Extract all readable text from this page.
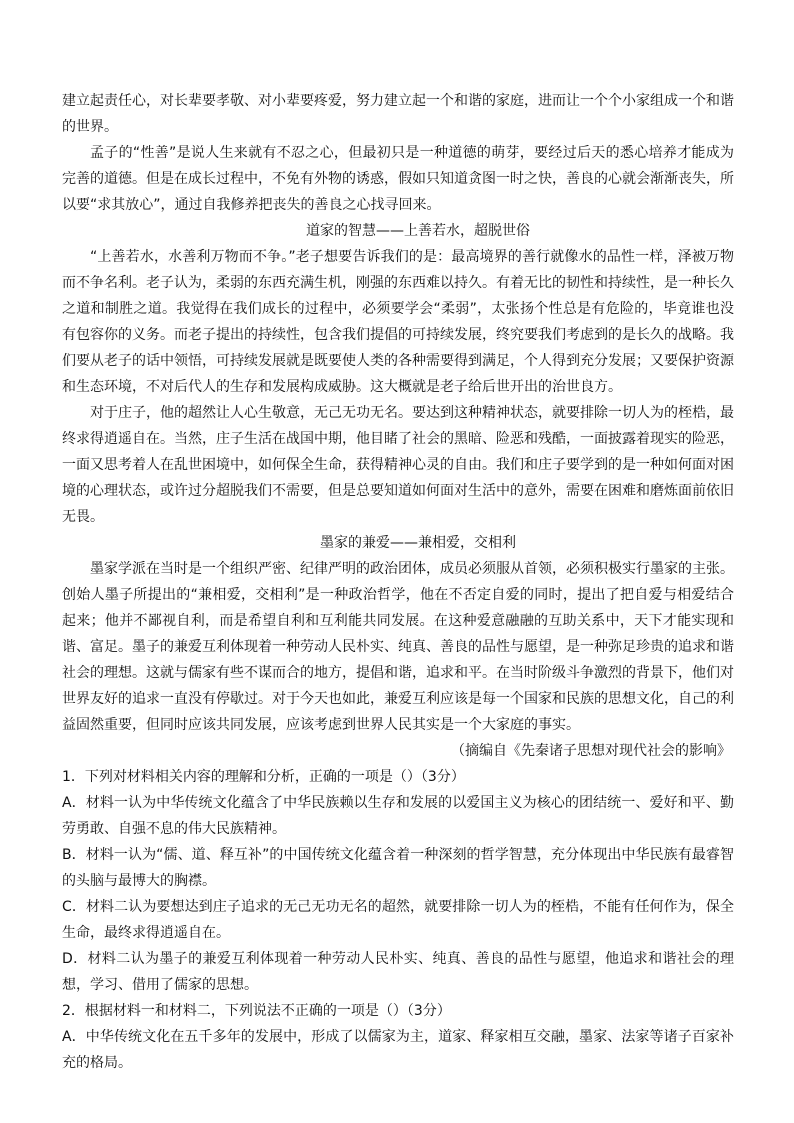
建立起责任心，对长辈要孝敬、对小辈要疼爱，努力建立起一个和谐的家庭，进而让一个个小家组成一个和谐的世界。

孟子的“性善”是说人生来就有不忍之心，但最初只是一种道德的萌芽，要经过后天的悉心培养才能成为完善的道德。但是在成长过程中，不免有外物的诱惑，假如只知道贪图一时之快，善良的心就会渐渐丧失，所以要“求其放心”，通过自我修养把丧失的善良之心找寻回来。

道家的智慧——上善若水，超脱世俗

“上善若水，水善利万物而不争。”老子想要告诉我们的是：最高境界的善行就像水的品性一样，泽被万物而不争名利。老子认为，柔弱的东西充满生机，刚强的东西难以持久。有着无比的韧性和持续性，是一种长久之道和制胜之道。我觉得在我们成长的过程中，必须要学会“柔弱”，太张扬个性总是有危险的，毕竟谁也没有包容你的义务。而老子提出的持续性，包含我们提倡的可持续发展，终究要我们考虑到的是长久的战略。我们要从老子的话中领悟，可持续发展就是既要使人类的各种需要得到满足，个人得到充分发展；又要保护资源和生态环境，不对后代人的生存和发展构成威胁。这大概就是老子给后世开出的治世良方。

对于庄子，他的超然让人心生敬意，无己无功无名。要达到这种精神状态，就要排除一切人为的桎梏，最终求得逍遥自在。当然，庄子生活在战国中期，他目睹了社会的黑暗、险恶和残酷，一面披露着现实的险恶，一面又思考着人在乱世困境中，如何保全生命，获得精神心灵的自由。我们和庄子要学到的是一种如何面对困境的心理状态，或许过分超脱我们不需要，但是总要知道如何面对生活中的意外，需要在困难和磨炼面前依旧无畏。

墨家的兼爱——兼相爱，交相利

墨家学派在当时是一个组织严密、纪律严明的政治团体，成员必须服从首领，必须积极实行墨家的主张。创始人墨子所提出的“兼相爱，交相利”是一种政治哲学，他在不否定自爱的同时，提出了把自爱与相爱结合起来；他并不鄙视自利，而是希望自利和互利能共同发展。在这种爱意融融的互助关系中，天下才能实现和谐、富足。墨子的兼爱互利体现着一种劳动人民朴实、纯真、善良的品性与愿望，是一种弥足珍贵的追求和谐社会的理想。这就与儒家有些不谋而合的地方，提倡和谐，追求和平。在当时阶级斗争激烈的背景下，他们对世界友好的追求一直没有停歇过。对于今天也如此，兼爱互利应该是每一个国家和民族的思想文化，自己的利益固然重要，但同时应该共同发展，应该考虑到世界人民其实是一个大家庭的事实。

（摘编自《先秦诸子思想对现代社会的影响》

1．下列对材料相关内容的理解和分析，正确的一项是（）（3分）

A．材料一认为中华传统文化蕴含了中华民族赖以生存和发展的以爱国主义为核心的团结统一、爱好和平、勤劳勇敢、自强不息的伟大民族精神。

B．材料一认为“儒、道、释互补”的中国传统文化蕴含着一种深刻的哲学智慧，充分体现出中华民族有最睿智的头脑与最博大的胸襟。

C．材料二认为要想达到庄子追求的无己无功无名的超然，就要排除一切人为的桎梏，不能有任何作为，保全生命，最终求得逍遥自在。

D．材料二认为墨子的兼爱互利体现着一种劳动人民朴实、纯真、善良的品性与愿望，他追求和谐社会的理想，学习、借用了儒家的思想。

2．根据材料一和材料二，下列说法不正确的一项是（）（3分）

A．中华传统文化在五千多年的发展中，形成了以儒家为主，道家、释家相互交融，墨家、法家等诸子百家补充的格局。
